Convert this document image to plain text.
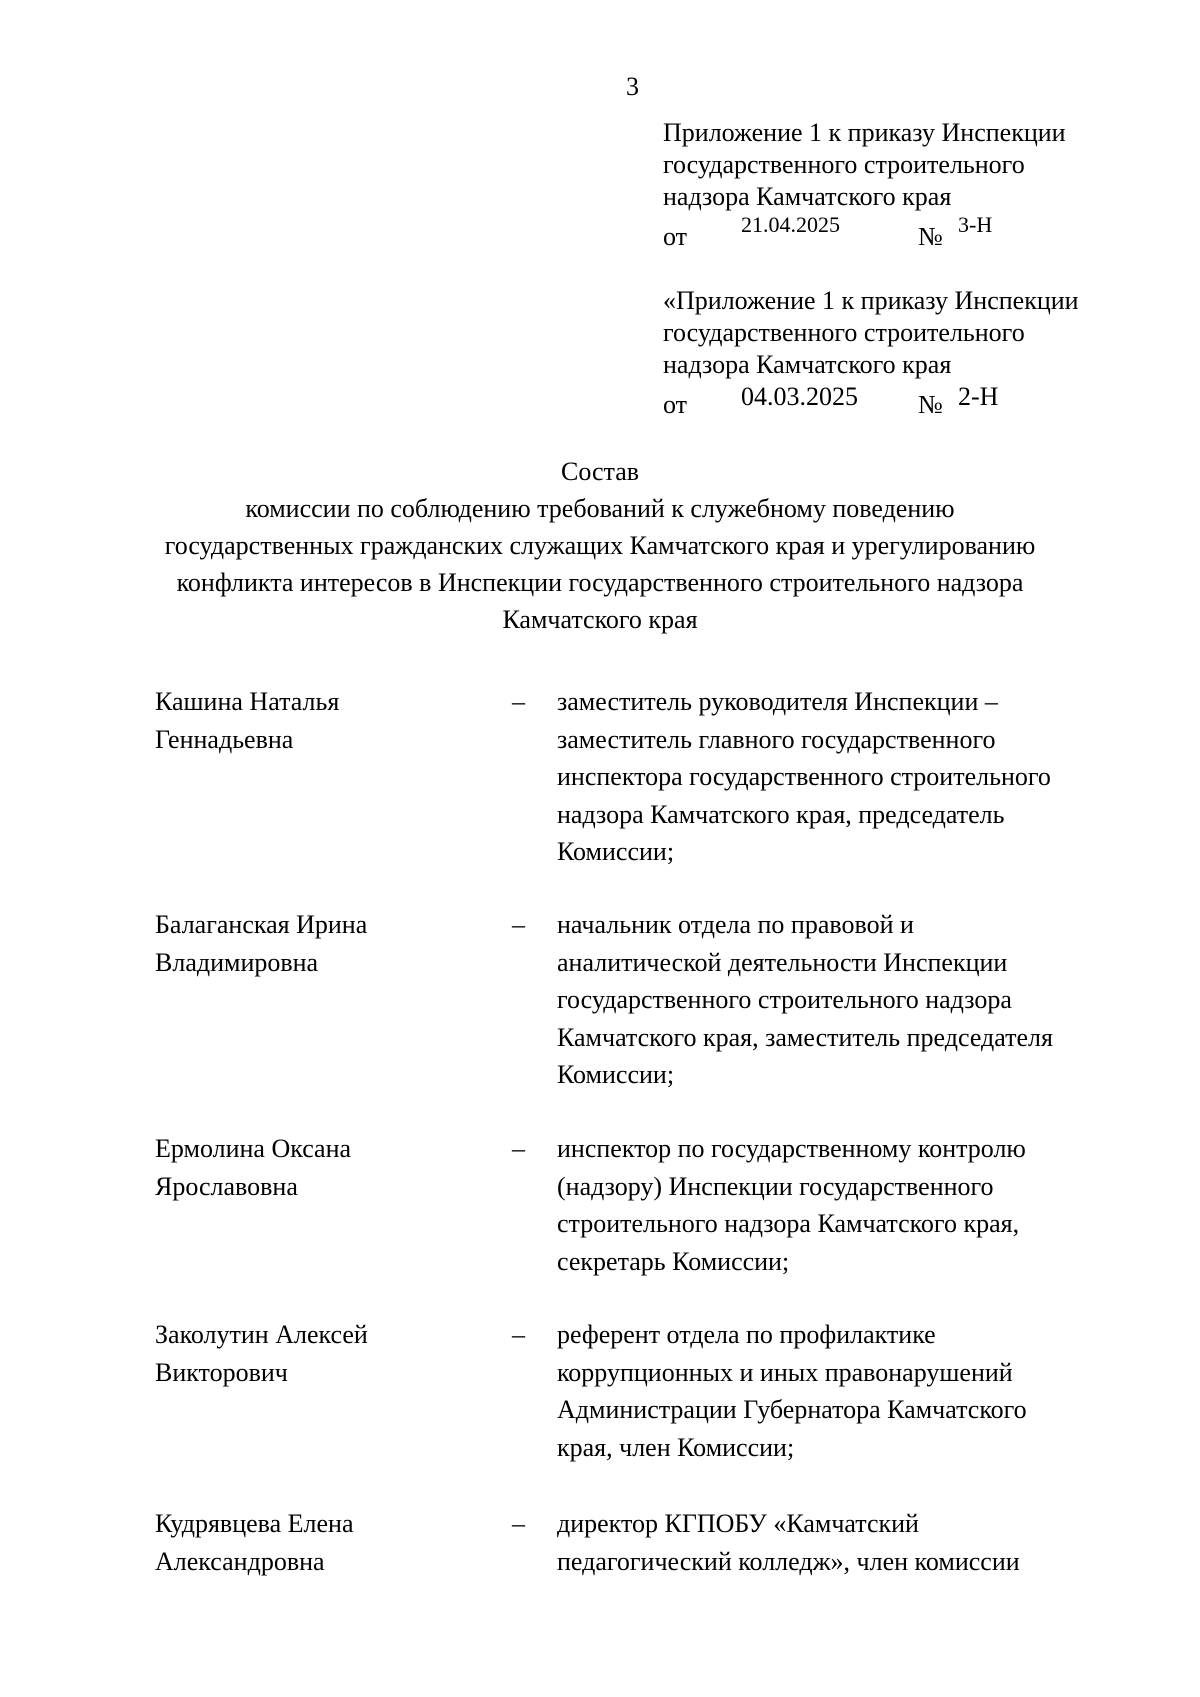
3
Приложение 1 к приказу Инспекции
государственного строительного
надзора Камчатского края
от 21.04.2025	№ 3-Н
«Приложение 1 к приказу Инспекции
государственного строительного
надзора Камчатского края
от 04.03.2025 № 2-Н
Состав
комиссии по соблюдению требований к служебному поведению
государственных гражданских служащих Камчатского края и урегулированию
конфликта интересов в Инспекции государственного строительного надзора
Камчатского края
Кашина Наталья
Геннадьевна
– заместитель руководителя Инспекции –
заместитель главного государственного
инспектора государственного строительного
надзора Камчатского края, председатель
Комиссии;
Балаганская Ирина
Владимировна
– начальник отдела по правовой и
аналитической деятельности Инспекции
государственного строительного надзора
Камчатского края, заместитель председателя
Комиссии;
Ермолина Оксана
Ярославовна
– инспектор по государственному контролю
(надзору) Инспекции государственного
строительного надзора Камчатского края,
секретарь Комиссии;
Заколутин Алексей
Викторович
– референт отдела по профилактике
коррупционных и иных правонарушений
Администрации Губернатора Камчатского
края, член Комиссии;
Кудрявцева Елена
Александровна
– директор КГПОБУ «Камчатский
педагогический колледж», член комиссии
